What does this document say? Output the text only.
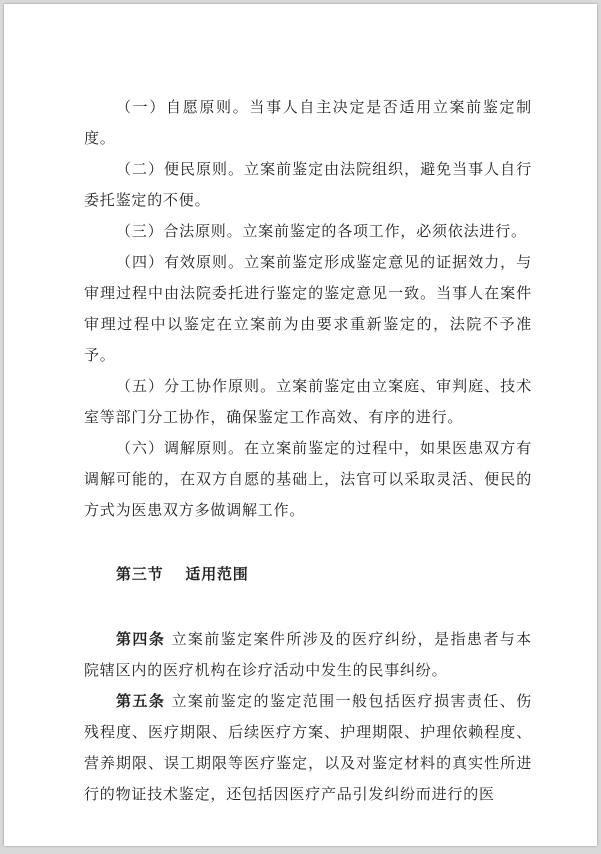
（一）自愿原则。当事人自主决定是否适用立案前鉴定制度。

（二）便民原则。立案前鉴定由法院组织，避免当事人自行委托鉴定的不便。

（三）合法原则。立案前鉴定的各项工作，必须依法进行。

（四）有效原则。立案前鉴定形成鉴定意见的证据效力，与审理过程中由法院委托进行鉴定的鉴定意见一致。当事人在案件审理过程中以鉴定在立案前为由要求重新鉴定的，法院不予准予。

（五）分工协作原则。立案前鉴定由立案庭、审判庭、技术室等部门分工协作，确保鉴定工作高效、有序的进行。

（六）调解原则。在立案前鉴定的过程中，如果医患双方有调解可能的，在双方自愿的基础上，法官可以采取灵活、便民的方式为医患双方多做调解工作。

第三节 适用范围

第四条 立案前鉴定案件所涉及的医疗纠纷，是指患者与本院辖区内的医疗机构在诊疗活动中发生的民事纠纷。

第五条 立案前鉴定的鉴定范围一般包括医疗损害责任、伤残程度、医疗期限、后续医疗方案、护理期限、护理依赖程度、营养期限、误工期限等医疗鉴定，以及对鉴定材料的真实性所进行的物证技术鉴定，还包括因医疗产品引发纠纷而进行的医
